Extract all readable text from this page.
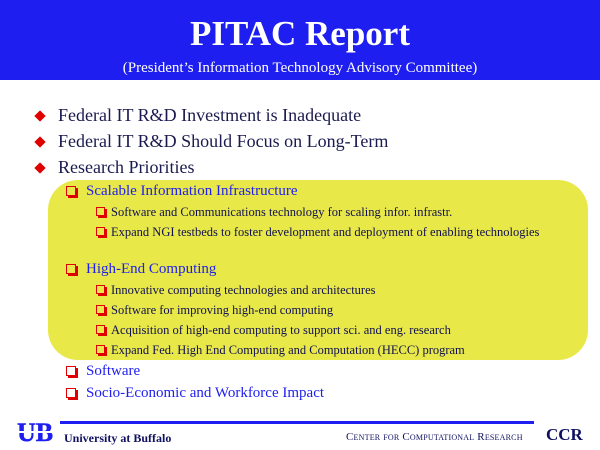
PITAC Report
(President’s Information Technology Advisory Committee)
Federal IT R&D Investment is Inadequate
Federal IT R&D Should Focus on Long-Term
Research Priorities
Scalable Information Infrastructure
Software and Communications technology for scaling infor. infrastr.
Expand NGI testbeds to foster development and deployment of enabling technologies
High-End Computing
Innovative computing technologies and architectures
Software for improving high-end computing
Acquisition of high-end computing to support sci. and eng. research
Expand Fed. High End Computing and Computation (HECC) program
Software
Socio-Economic and Workforce Impact
UB University at Buffalo	Center for Computational Research CCR
